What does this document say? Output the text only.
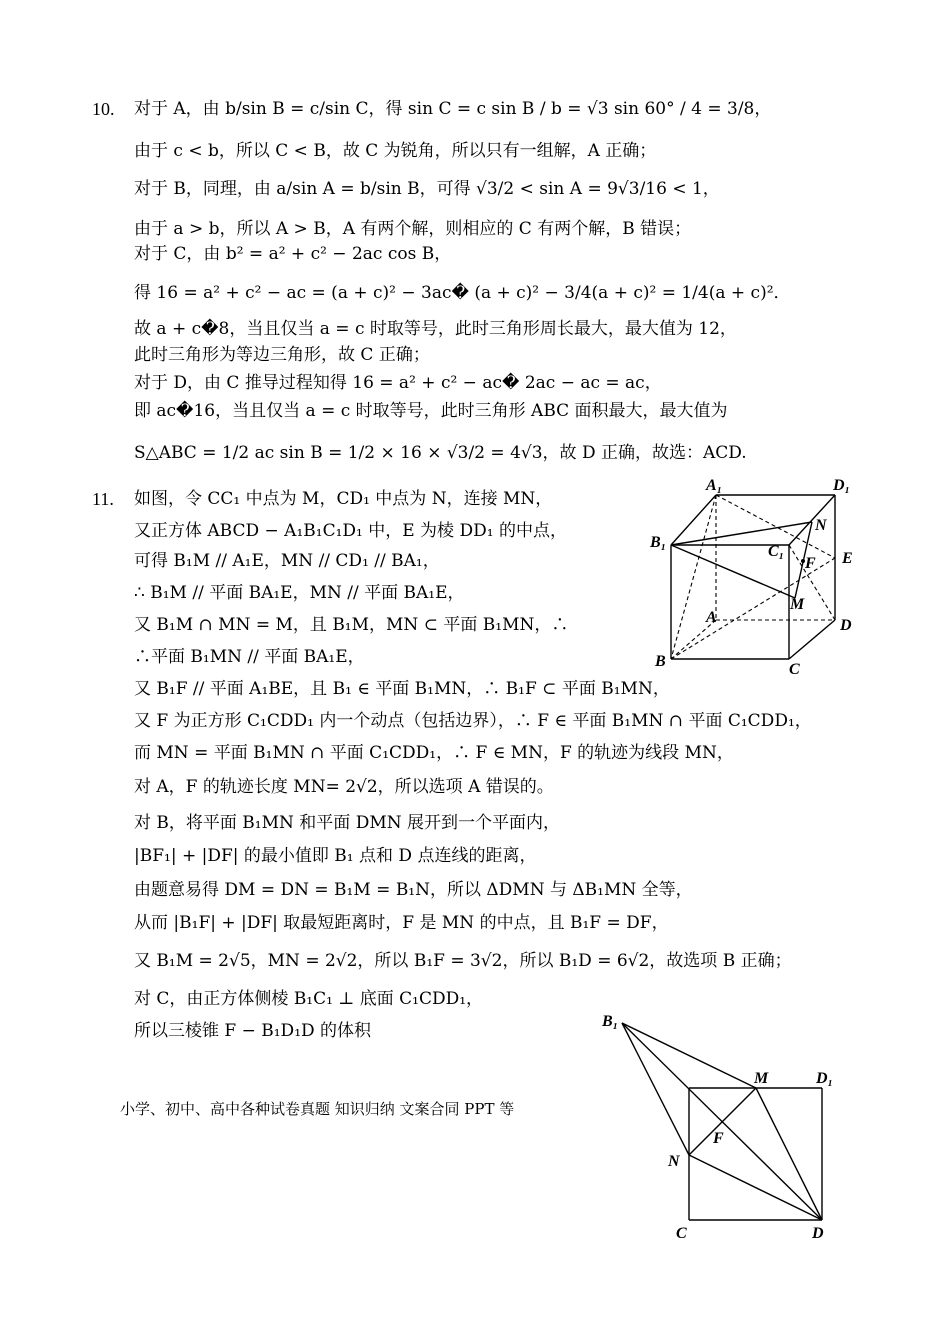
10. 对于 A，由 b/sin B = c/sin C，得 sin C = c sin B / b = √3 sin 60° / 4 = 3/8，
由于 c < b，所以 C < B，故 C 为锐角，所以只有一组解，A 正确；
对于 B，同理，由 a/sin A = b/sin B，可得 √3/2 < sin A = 9√3/16 < 1，
由于 a > b，所以 A > B，A 有两个解，则相应的 C 有两个解，B 错误；
对于 C，由 b² = a² + c² − 2ac cos B，
得 16 = a² + c² − ac = (a + c)² − 3ac� (a + c)² − 3/4(a + c)² = 1/4(a + c)²．
故 a + c�8，当且仅当 a = c 时取等号，此时三角形周长最大，最大值为 12，
此时三角形为等边三角形，故 C 正确；
对于 D，由 C 推导过程知得 16 = a² + c² − ac� 2ac − ac = ac，
即 ac�16，当且仅当 a = c 时取等号，此时三角形 ABC 面积最大，最大值为
S△ABC = 1/2 ac sin B = 1/2 × 16 × √3/2 = 4√3，故 D 正确，故选：ACD.
11. 如图，令 CC₁ 中点为 M，CD₁ 中点为 N，连接 MN，
又正方体 ABCD − A₁B₁C₁D₁ 中，E 为棱 DD₁ 的中点，
可得 B₁M // A₁E，MN // CD₁ // BA₁，
∴ B₁M // 平面 BA₁E，MN // 平面 BA₁E，
又 B₁M ∩ MN = M，且 B₁M，MN ⊂ 平面 B₁MN，∴
∴平面 B₁MN // 平面 BA₁E，
又 B₁F // 平面 A₁BE，且 B₁ ∈ 平面 B₁MN，∴ B₁F ⊂ 平面 B₁MN，
又 F 为正方形 C₁CDD₁ 内一个动点（包括边界），∴ F ∈ 平面 B₁MN ∩ 平面 C₁CDD₁，
而 MN = 平面 B₁MN ∩ 平面 C₁CDD₁，∴ F ∈ MN，F 的轨迹为线段 MN，
对 A，F 的轨迹长度 MN= 2√2，所以选项 A 错误的。
对 B，将平面 B₁MN 和平面 DMN 展开到一个平面内，
|BF₁| + |DF| 的最小值即 B₁ 点和 D 点连线的距离，
由题意易得 DM = DN = B₁M = B₁N，所以 ΔDMN 与 ΔB₁MN 全等，
从而 |B₁F| + |DF| 取最短距离时，F 是 MN 的中点，且 B₁F = DF，
又 B₁M = 2√5，MN = 2√2，所以 B₁F = 3√2，所以 B₁D = 6√2，故选项 B 正确；
对 C，由正方体侧棱 B₁C₁ ⊥ 底面 C₁CDD₁，
所以三棱锥 F − B₁D₁D 的体积
A₁	D₁
B₁
C₁
N
F E
M
A	D
B	C
B₁
M	D₁
F
N
C	D
小学、初中、高中各种试卷真题 知识归纳 文案合同 PPT 等
